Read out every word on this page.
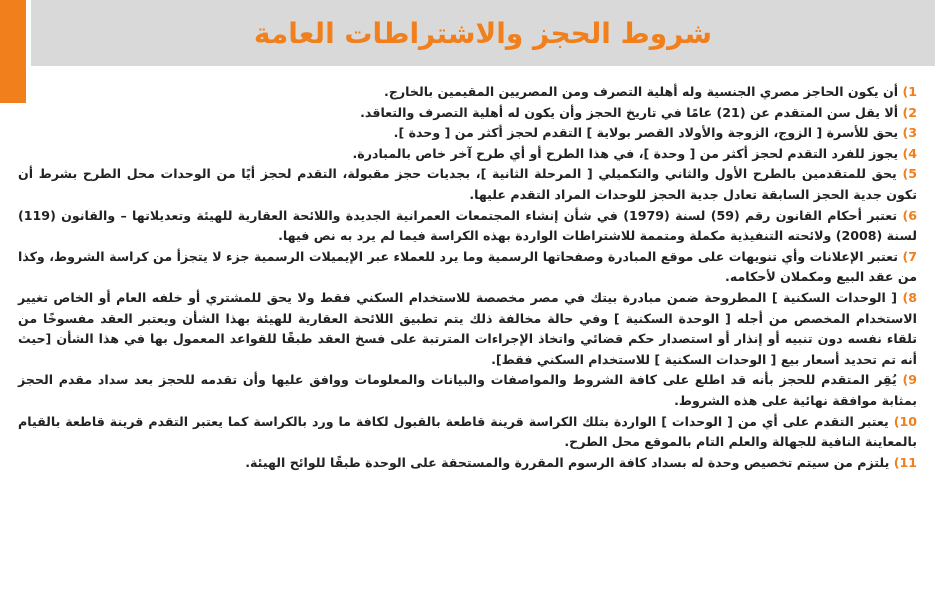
شروط الحجز والاشتراطات العامة

1) أن يكون الحاجز مصري الجنسية وله أهلية التصرف ومن المصريين المقيمين بالخارج.

2) ألا يقل سن المتقدم عن (21) عامًا في تاريخ الحجز وأن يكون له أهلية التصرف والتعاقد.

3) يحق للأسرة [ الزوج، الزوجة والأولاد القصر بولاية ] التقدم لحجز أكثر من [ وحدة ].

4) يجوز للفرد التقدم لحجز أكثر من [ وحدة ]، في هذا الطرح أو أي طرح آخر خاص بالمبادرة.

5) يحق للمتقدمين بالطرح الأول والثاني والتكميلي [ المرحلة الثانية ]، بجديات حجز مقبولة، التقدم لحجز أيًا من الوحدات محل الطرح بشرط أن تكون جدية الحجز السابقة تعادل جدية الحجز للوحدات المراد التقدم عليها.

6) تعتبر أحكام القانون رقم (59) لسنة (1979) في شأن إنشاء المجتمعات العمرانية الجديدة واللائحة العقارية للهيئة وتعديلاتها – والقانون (119) لسنة (2008) ولائحته التنفيذية مكملة ومتممة للاشتراطات الواردة بهذه الكراسة فيما لم يرد به نص فيها.

7) تعتبر الإعلانات وأي تنويهات على موقع المبادرة وصفحاتها الرسمية وما يرد للعملاء عبر الإيميلات الرسمية جزء لا يتجزأ من كراسة الشروط، وكذا من عقد البيع ومكملان لأحكامه.

8) [ الوحدات السكنية ] المطروحة ضمن مبادرة بيتك في مصر مخصصة للاستخدام السكني فقط ولا يحق للمشتري أو خلفه العام أو الخاص تغيير الاستخدام المخصص من أجله [ الوحدة السكنية ] وفي حالة مخالفة ذلك يتم تطبيق اللائحة العقارية للهيئة بهذا الشأن ويعتبر العقد مفسوخًا من تلقاء نفسه دون تنبيه أو إنذار أو استصدار حكم قضائي واتخاذ الإجراءات المترتبة على فسخ العقد طبقًا للقواعد المعمول بها في هذا الشأن [حيث أنه تم تحديد أسعار بيع [ الوحدات السكنية ] للاستخدام السكني فقط].

9) يُقِر المتقدم للحجز بأنه قد اطلع على كافة الشروط والمواصفات والبيانات والمعلومات ووافق عليها وأن تقدمه للحجز بعد سداد مقدم الحجز بمثابة موافقة نهائية على هذه الشروط.

10) يعتبر التقدم على أي من [ الوحدات ] الواردة بتلك الكراسة قرينة قاطعة بالقبول لكافة ما ورد بالكراسة كما يعتبر التقدم قرينة قاطعة بالقيام بالمعاينة النافية للجهالة والعلم التام بالموقع محل الطرح.

11) يلتزم من سيتم تخصيص وحدة له بسداد كافة الرسوم المقررة والمستحقة على الوحدة طبقًا للوائح الهيئة.
